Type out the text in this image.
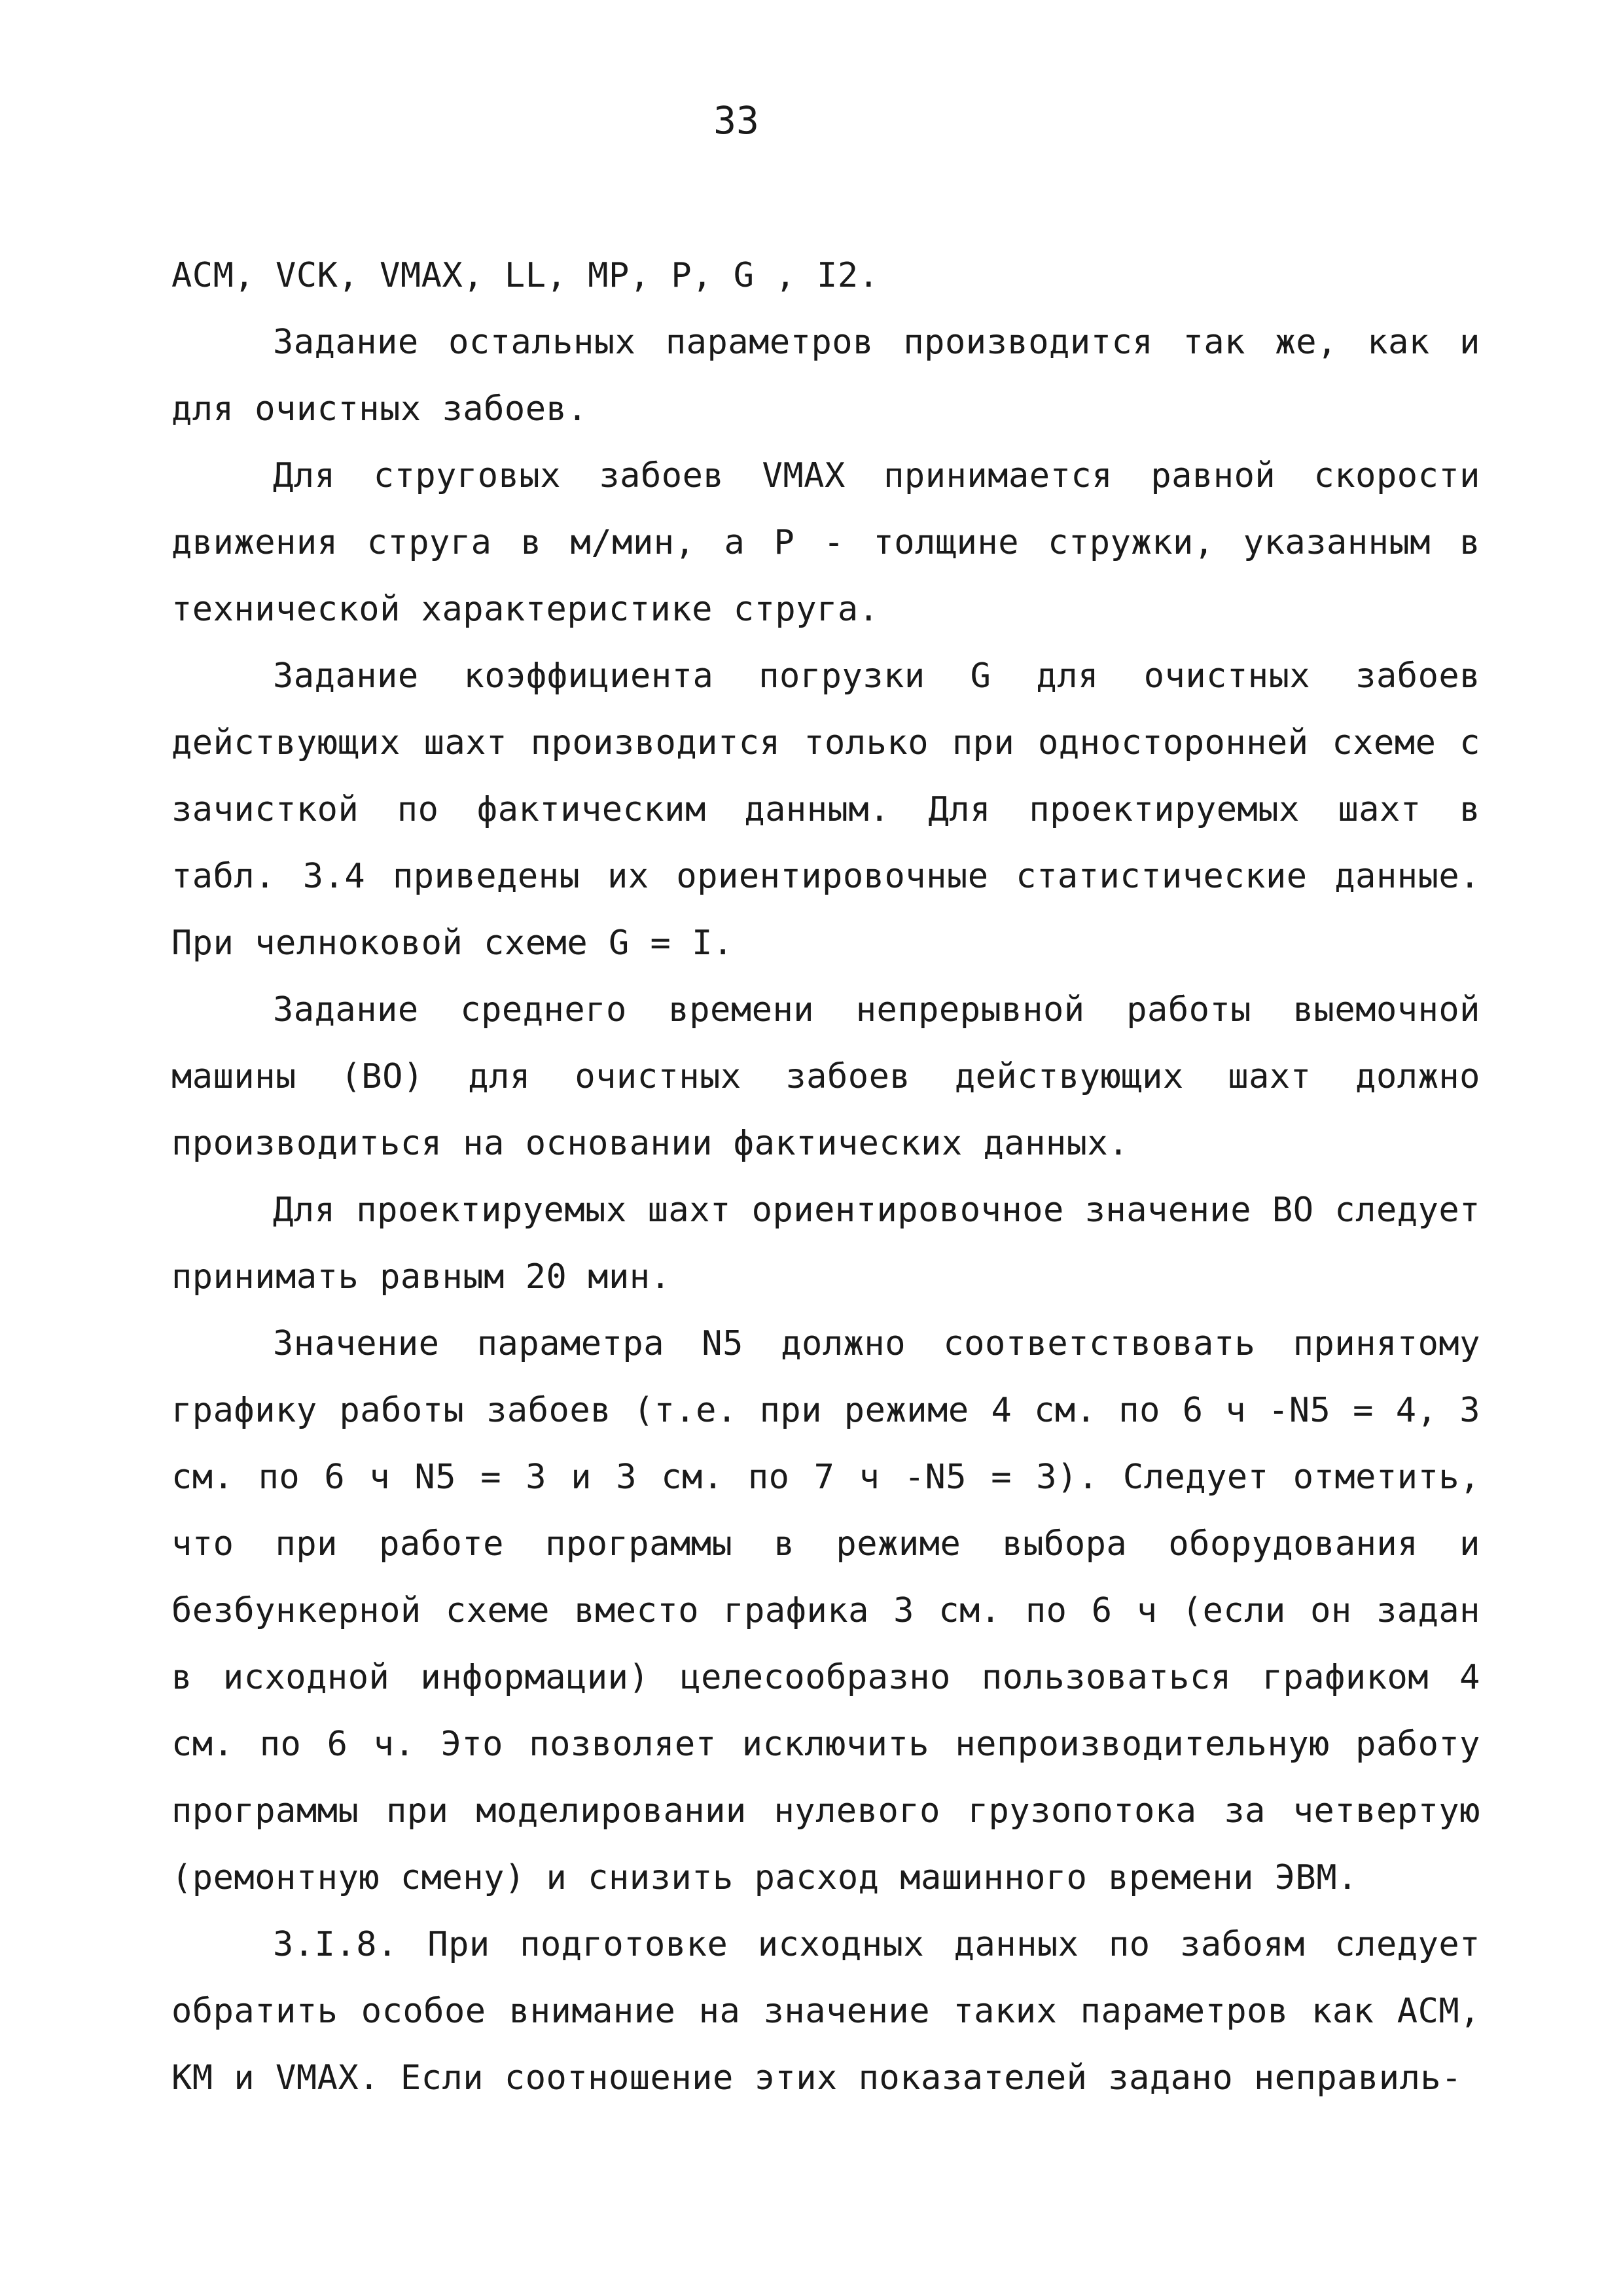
33

АСМ, VСК, VМАХ, LL, МР, Р, G , I2.

Задание остальных параметров производится так же, как и для очистных забоев.

Для струговых забоев VМАХ принимается равной скорости движения струга в м/мин, а Р - толщине стружки, указанным в технической характеристике струга.

Задание коэффициента погрузки G для очистных забоев действующих шахт производится только при односторонней схеме с зачисткой по фактическим данным. Для проектируемых шахт в табл. 3.4 приведены их ориентировочные статистические данные. При челноковой схеме G = I.

Задание среднего времени непрерывной работы выемочной машины (ВО) для очистных забоев действующих шахт должно производиться на основании фактических данных.

Для проектируемых шахт ориентировочное значение ВО следует принимать равным 20 мин.

Значение параметра N5 должно соответствовать принятому графику работы забоев (т.е. при режиме 4 см. по 6 ч -N5 = 4, 3 см. по 6 ч N5 = 3 и 3 см. по 7 ч -N5 = 3). Следует отметить, что при работе программы в режиме выбора оборудования и безбункерной схеме вместо графика 3 см. по 6 ч (если он задан в исходной информации) целесообразно пользоваться графиком 4 см. по 6 ч. Это позволяет исключить непроизводительную работу программы при моделировании нулевого грузопотока за четвертую (ремонтную смену) и снизить расход машинного времени ЭВМ.

3.I.8. При подготовке исходных данных по забоям следует обратить особое внимание на значение таких параметров как АСМ, КМ и VМАХ. Если соотношение этих показателей задано неправиль-
